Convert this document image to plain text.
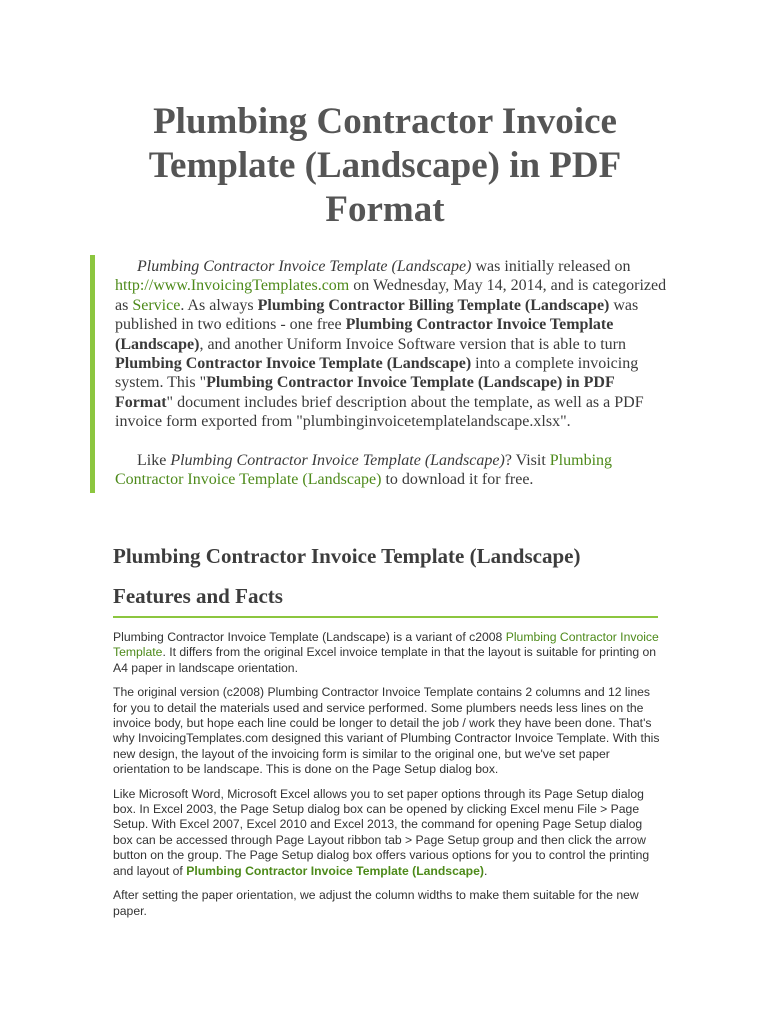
Plumbing Contractor Invoice Template (Landscape) in PDF Format

Plumbing Contractor Invoice Template (Landscape) was initially released on http://www.InvoicingTemplates.com on Wednesday, May 14, 2014, and is categorized as Service. As always Plumbing Contractor Billing Template (Landscape) was published in two editions - one free Plumbing Contractor Invoice Template (Landscape), and another Uniform Invoice Software version that is able to turn Plumbing Contractor Invoice Template (Landscape) into a complete invoicing system. This "Plumbing Contractor Invoice Template (Landscape) in PDF Format" document includes brief description about the template, as well as a PDF invoice form exported from "plumbinginvoicetemplatelandscape.xlsx".

Like Plumbing Contractor Invoice Template (Landscape)? Visit Plumbing Contractor Invoice Template (Landscape) to download it for free.

Plumbing Contractor Invoice Template (Landscape) Features and Facts

Plumbing Contractor Invoice Template (Landscape) is a variant of c2008 Plumbing Contractor Invoice Template. It differs from the original Excel invoice template in that the layout is suitable for printing on A4 paper in landscape orientation.

The original version (c2008) Plumbing Contractor Invoice Template contains 2 columns and 12 lines for you to detail the materials used and service performed. Some plumbers needs less lines on the invoice body, but hope each line could be longer to detail the job / work they have been done. That's why InvoicingTemplates.com designed this variant of Plumbing Contractor Invoice Template. With this new design, the layout of the invoicing form is similar to the original one, but we've set paper orientation to be landscape. This is done on the Page Setup dialog box.

Like Microsoft Word, Microsoft Excel allows you to set paper options through its Page Setup dialog box. In Excel 2003, the Page Setup dialog box can be opened by clicking Excel menu File > Page Setup. With Excel 2007, Excel 2010 and Excel 2013, the command for opening Page Setup dialog box can be accessed through Page Layout ribbon tab > Page Setup group and then click the arrow button on the group. The Page Setup dialog box offers various options for you to control the printing and layout of Plumbing Contractor Invoice Template (Landscape).

After setting the paper orientation, we adjust the column widths to make them suitable for the new paper.
